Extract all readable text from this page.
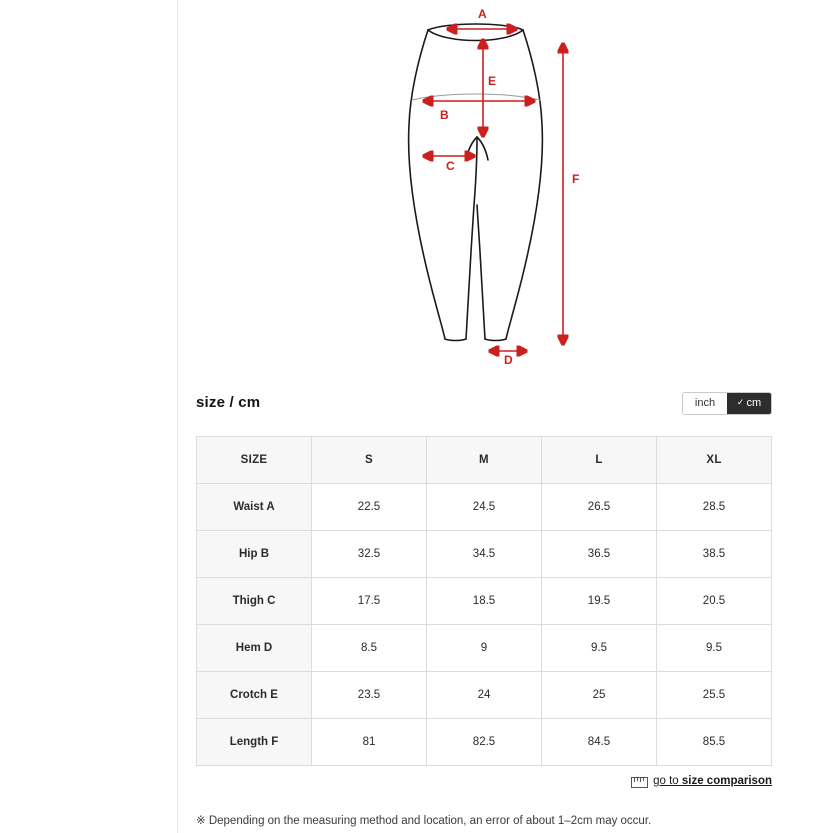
A
B
C
D
E
F
size / cm	inch	✓ cm
SIZE	S	M	L	XL
Waist A	22.5	24.5	26.5	28.5
Hip B	32.5	34.5	36.5	38.5
Thigh C	17.5	18.5	19.5	20.5
Hem D	8.5	9	9.5	9.5
Crotch E	23.5	24	25	25.5
Length F	81	82.5	84.5	85.5
go to size comparison
※ Depending on the measuring method and location, an error of about 1–2cm may occur.
